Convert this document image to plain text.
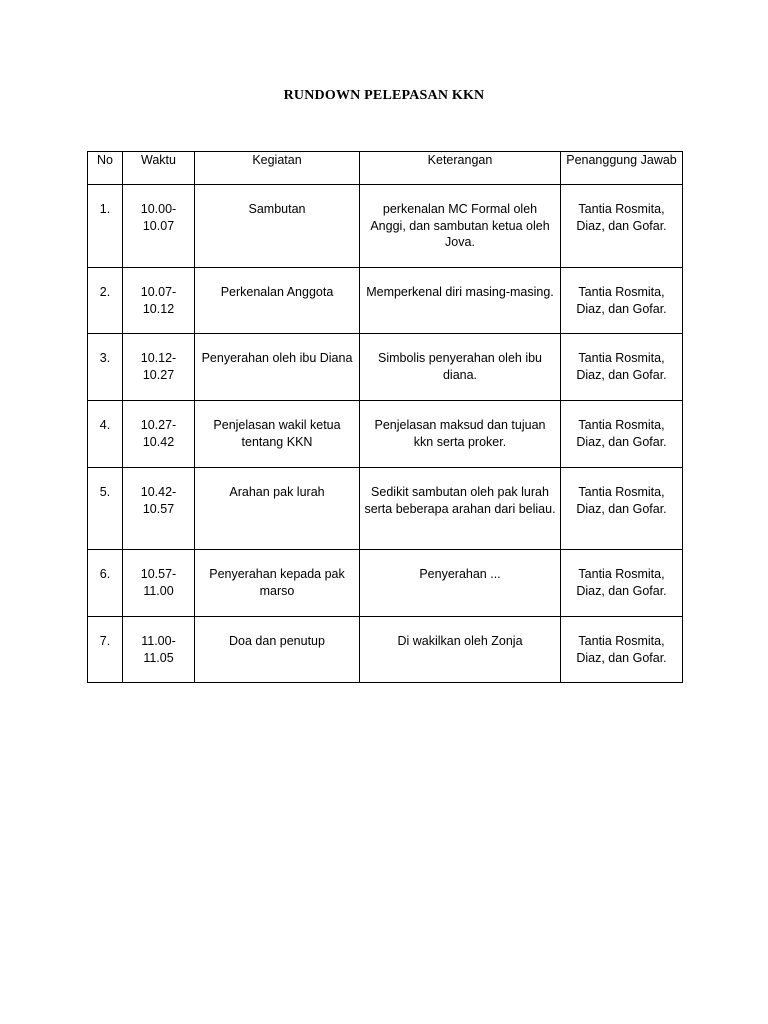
RUNDOWN PELEPASAN KKN
No	Waktu	Kegiatan	Keterangan	Penanggung Jawab
1.	10.00-10.07	Sambutan	perkenalan MC Formal oleh Anggi, dan sambutan ketua oleh Jova.	Tantia Rosmita, Diaz, dan Gofar.
2.	10.07-10.12	Perkenalan Anggota	Memperkenal diri masing-masing.	Tantia Rosmita, Diaz, dan Gofar.
3.	10.12-10.27	Penyerahan oleh ibu Diana	Simbolis penyerahan oleh ibu diana.	Tantia Rosmita, Diaz, dan Gofar.
4.	10.27-10.42	Penjelasan wakil ketua tentang KKN	Penjelasan maksud dan tujuan kkn serta proker.	Tantia Rosmita, Diaz, dan Gofar.
5.	10.42-10.57	Arahan pak lurah	Sedikit sambutan oleh pak lurah serta beberapa arahan dari beliau.	Tantia Rosmita, Diaz, dan Gofar.
6.	10.57-11.00	Penyerahan kepada pak marso	Penyerahan ...	Tantia Rosmita, Diaz, dan Gofar.
7.	11.00-11.05	Doa dan penutup	Di wakilkan oleh Zonja	Tantia Rosmita, Diaz, dan Gofar.
